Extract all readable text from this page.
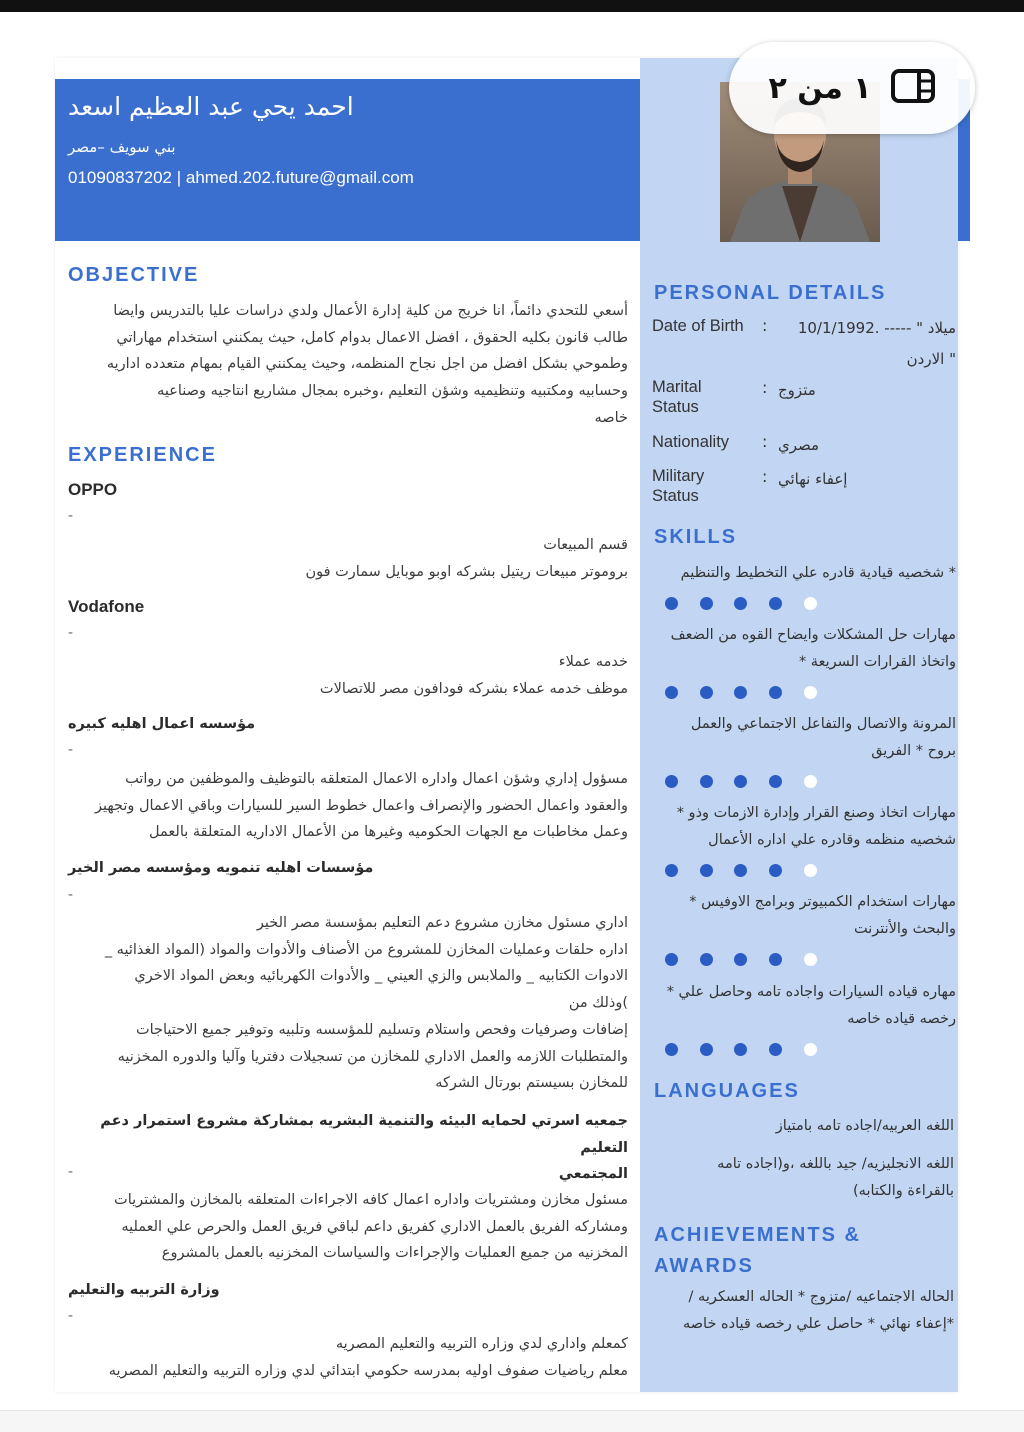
احمد يحي عبد العظيم اسعد
بني سويف –مصر
01090837202 | ahmed.202.future@gmail.com
١ من ٢
OBJECTIVE
أسعي للتحدي دائماً، انا خريج من كلية إدارة الأعمال ولدي دراسات عليا بالتدريس وايضا
طالب قانون بكليه الحقوق ، افضل الاعمال بدوام كامل، حيث يمكنني استخدام مهاراتي
وطموحي بشكل افضل من اجل نجاح المنظمه، وحيث يمكنني القيام بمهام متعدده اداريه
وحسابيه ومكتبيه وتنظيميه وشؤن التعليم ،وخبره بمجال مشاريع انتاجيه وصناعيه
خاصه
EXPERIENCE
OPPO
-
قسم المبيعات
بروموتر مبيعات ريتيل بشركه اوبو موبايل سمارت فون
Vodafone
-
خدمه عملاء
موظف خدمه عملاء بشركه فودافون مصر للاتصالات
مؤسسه اعمال اهليه كبيره
-
مسؤول إداري وشؤن اعمال واداره الاعمال المتعلقه بالتوظيف والموظفين من رواتب
والعقود واعمال الحضور والإنصراف واعمال خطوط السير للسيارات وباقي الاعمال وتجهيز
وعمل مخاطبات مع الجهات الحكوميه وغيرها من الأعمال الاداريه المتعلقة بالعمل
مؤسسات اهليه تنمويه ومؤسسه مصر الخير
-
اداري مسئول مخازن مشروع دعم التعليم بمؤسسة مصر الخير
اداره حلقات وعمليات المخازن للمشروع من الأصناف والأدوات والمواد (المواد الغذائيه _
الادوات الكتابيه _ والملابس والزي العيني _ والأدوات الكهربائيه وبعض المواد الاخري
)وذلك من
إضافات وصرفيات وفحص واستلام وتسليم للمؤسسه وتلبيه وتوفير جميع الاحتياجات
والمتطلبات اللازمه والعمل الاداري للمخازن من تسجيلات دفتريا وآليا والدوره المخزنيه
للمخازن بسيستم بورتال الشركه
جمعيه اسرتي لحمايه البيئه والتنمية البشريه بمشاركة مشروع استمرار دعم التعليم
المجتمعي
-
مسئول مخازن ومشتريات واداره اعمال كافه الاجراءات المتعلقه بالمخازن والمشتريات
ومشاركه الفريق بالعمل الاداري كفريق داعم لباقي فريق العمل والحرص علي العمليه
المخزنيه من جميع العمليات والإجراءات والسياسات المخزنيه بالعمل بالمشروع
وزارة التربيه والتعليم
-
كمعلم واداري لدي وزاره التربيه والتعليم المصريه
معلم رياضيات صفوف اوليه بمدرسه حكومي ابتدائي لدي وزاره التربيه والتعليم المصريه
PERSONAL DETAILS
Date of Birth :	ميلاد " ----- .10/1/1992
" الاردن
Marital
Status
: متزوج
Nationality : مصري
Military
Status
: إعفاء نهائي
SKILLS
* شخصيه قيادية قادره علي التخطيط والتنظيم
مهارات حل المشكلات وايضاح القوه من الضعف
واتخاذ القرارات السريعة *
المرونة والاتصال والتفاعل الاجتماعي والعمل
بروح * الفريق
مهارات اتخاذ وصنع القرار وإدارة الازمات وذو *
شخصيه منظمه وقادره علي اداره الأعمال
مهارات استخدام الكمبيوتر وبرامج الاوفيس *
والبحث والأنترنت
مهاره قياده السيارات واجاده تامه وحاصل علي *
رخصه قياده خاصه
LANGUAGES
اللغه العربيه/اجاده تامه بامتياز
اللغه الانجليزيه/ جيد باللغه ،و(اجاده تامه
بالقراءة والكتابه)
ACHIEVEMENTS &
AWARDS
الحاله الاجتماعيه /متزوج * الحاله العسكريه /
*إعفاء نهائي * حاصل علي رخصه قياده خاصه
